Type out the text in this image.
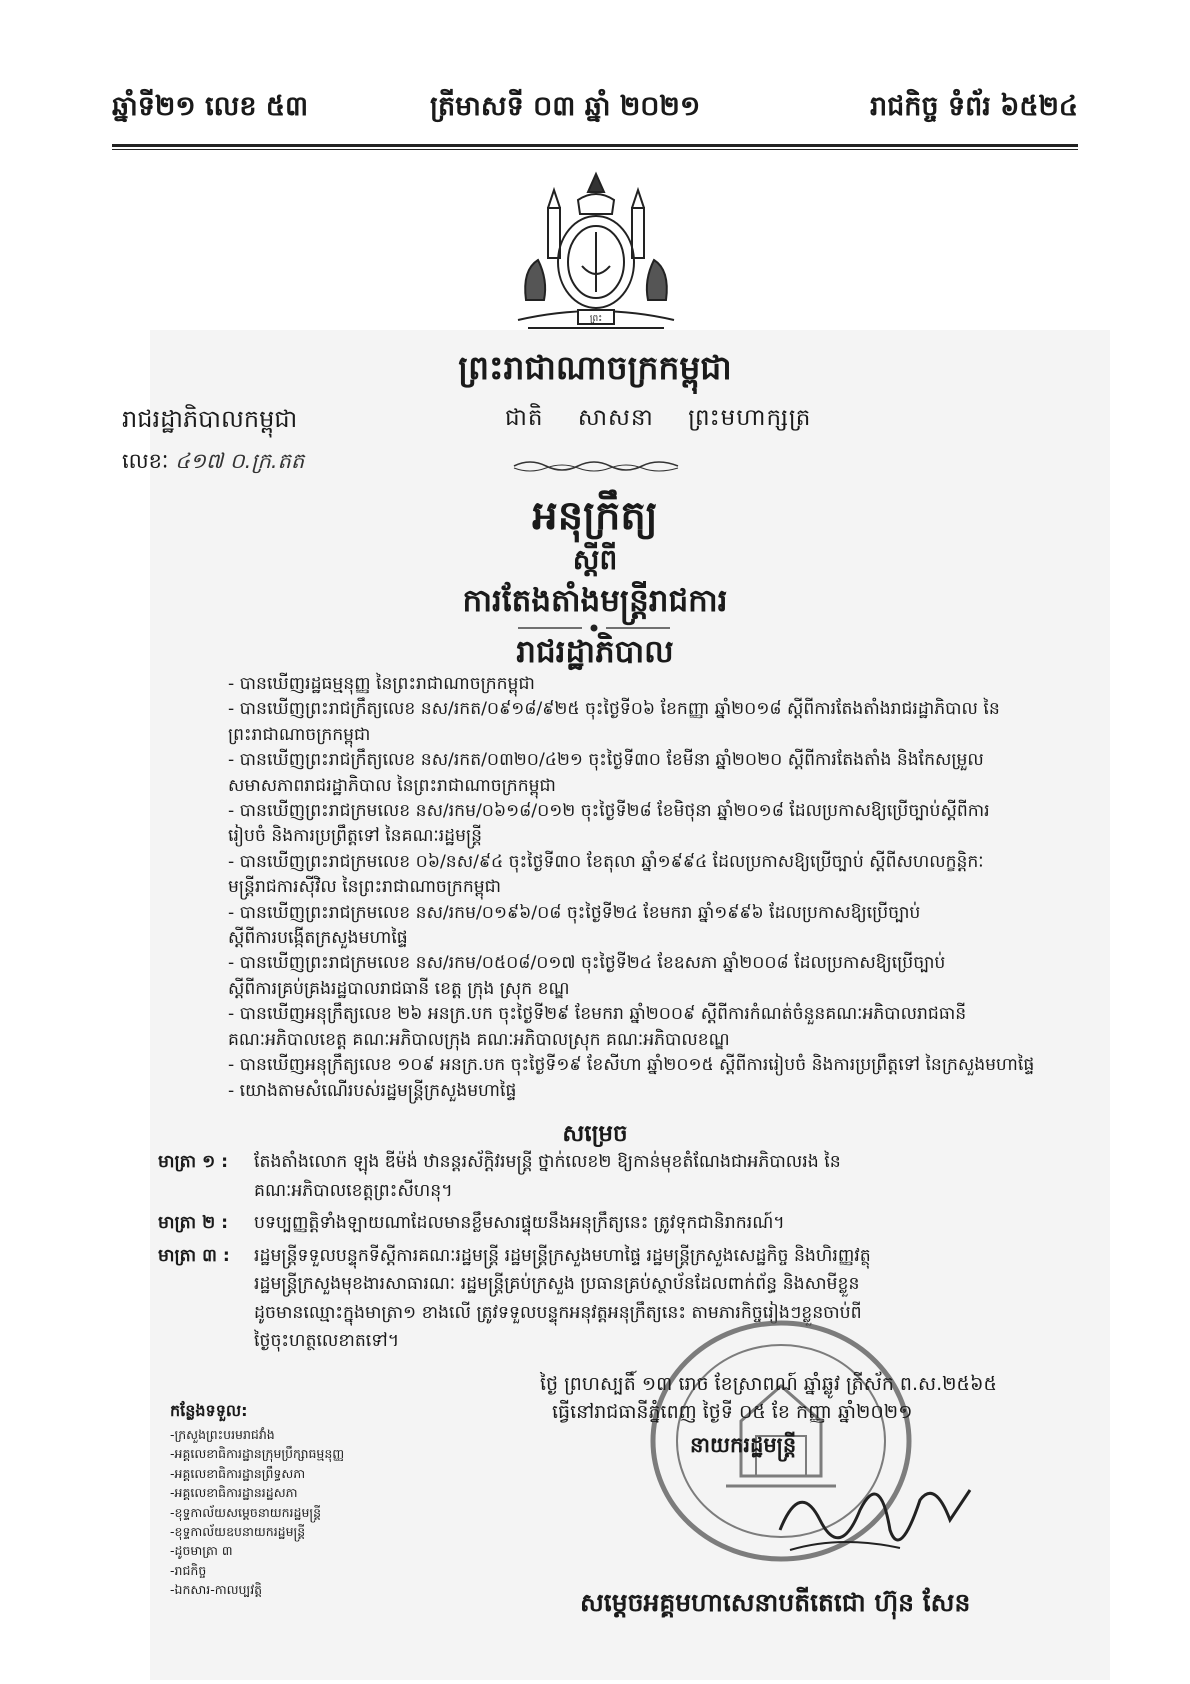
ឆ្នាំទី២១ លេខ ៥៣	ត្រីមាសទី ០៣ ឆ្នាំ ២០២១	រាជកិច្ច ទំព័រ ៦៥២៤
ព្រះ
ព្រះរាជាណាចក្រកម្ពុជា
រាជរដ្ឋាភិបាលកម្ពុជា	ជាតិ សាសនា ព្រះមហាក្សត្រ
លេខៈ ៤១៧ ០.ក្រ.តត
អនុក្រឹត្យ
ស្តីពី
ការតែងតាំងមន្ត្រីរាជការ
រាជរដ្ឋាភិបាល
- បានឃើញរដ្ឋធម្មនុញ្ញ នៃព្រះរាជាណាចក្រកម្ពុជា
- បានឃើញព្រះរាជក្រឹត្យលេខ នស/រកត/០៩១៨/៩២៥ ចុះថ្ងៃទី០៦ ខែកញ្ញា ឆ្នាំ២០១៨ ស្តីពីការតែងតាំងរាជរដ្ឋាភិបាល នៃ
ព្រះរាជាណាចក្រកម្ពុជា
- បានឃើញព្រះរាជក្រឹត្យលេខ នស/រកត/០៣២០/៤២១ ចុះថ្ងៃទី៣០ ខែមីនា ឆ្នាំ២០២០ ស្តីពីការតែងតាំង និងកែសម្រួល
សមាសភាពរាជរដ្ឋាភិបាល នៃព្រះរាជាណាចក្រកម្ពុជា
- បានឃើញព្រះរាជក្រមលេខ នស/រកម/០៦១៨/០១២ ចុះថ្ងៃទី២៨ ខែមិថុនា ឆ្នាំ២០១៨ ដែលប្រកាសឱ្យប្រើច្បាប់ស្តីពីការ
រៀបចំ និងការប្រព្រឹត្តទៅ នៃគណៈរដ្ឋមន្ត្រី
- បានឃើញព្រះរាជក្រមលេខ ០៦/នស/៩៤ ចុះថ្ងៃទី៣០ ខែតុលា ឆ្នាំ១៩៩៤ ដែលប្រកាសឱ្យប្រើច្បាប់ ស្តីពីសហលក្ខន្តិកៈ
មន្ត្រីរាជការស៊ីវិល នៃព្រះរាជាណាចក្រកម្ពុជា
- បានឃើញព្រះរាជក្រមលេខ នស/រកម/០១៩៦/០៨ ចុះថ្ងៃទី២៤ ខែមករា ឆ្នាំ១៩៩៦ ដែលប្រកាសឱ្យប្រើច្បាប់
ស្តីពីការបង្កើតក្រសួងមហាផ្ទៃ
- បានឃើញព្រះរាជក្រមលេខ នស/រកម/០៥០៨/០១៧ ចុះថ្ងៃទី២៤ ខែឧសភា ឆ្នាំ២០០៨ ដែលប្រកាសឱ្យប្រើច្បាប់
ស្តីពីការគ្រប់គ្រងរដ្ឋបាលរាជធានី ខេត្ត ក្រុង ស្រុក ខណ្ឌ
- បានឃើញអនុក្រឹត្យលេខ ២៦ អនក្រ.បក ចុះថ្ងៃទី២៩ ខែមករា ឆ្នាំ២០០៩ ស្តីពីការកំណត់ចំនួនគណៈអភិបាលរាជធានី
គណៈអភិបាលខេត្ត គណៈអភិបាលក្រុង គណៈអភិបាលស្រុក គណៈអភិបាលខណ្ឌ
- បានឃើញអនុក្រឹត្យលេខ ១០៩ អនក្រ.បក ចុះថ្ងៃទី១៩ ខែសីហា ឆ្នាំ២០១៥ ស្តីពីការរៀបចំ និងការប្រព្រឹត្តទៅ នៃក្រសួងមហាផ្ទៃ
- យោងតាមសំណើរបស់រដ្ឋមន្ត្រីក្រសួងមហាផ្ទៃ
សម្រេច
មាត្រា ១ :	តែងតាំងលោក ឡុង ឌីម៉ង់ ឋានន្តរស័ក្តិវរមន្ត្រី ថ្នាក់លេខ២ ឱ្យកាន់មុខតំណែងជាអភិបាលរង នៃ
គណៈអភិបាលខេត្តព្រះសីហនុ។
មាត្រា ២ :	បទប្បញ្ញត្តិទាំងឡាយណាដែលមានខ្លឹមសារផ្ទុយនឹងអនុក្រឹត្យនេះ ត្រូវទុកជានិរាករណ៍។
មាត្រា ៣ :	រដ្ឋមន្ត្រីទទួលបន្ទុកទីស្តីការគណៈរដ្ឋមន្ត្រី រដ្ឋមន្ត្រីក្រសួងមហាផ្ទៃ រដ្ឋមន្ត្រីក្រសួងសេដ្ឋកិច្ច និងហិរញ្ញវត្ថុ
រដ្ឋមន្ត្រីក្រសួងមុខងារសាធារណៈ រដ្ឋមន្ត្រីគ្រប់ក្រសួង ប្រធានគ្រប់ស្ថាប័នដែលពាក់ព័ន្ធ និងសាមីខ្លួន
ដូចមានឈ្មោះក្នុងមាត្រា១ ខាងលើ ត្រូវទទួលបន្ទុកអនុវត្តអនុក្រឹត្យនេះ តាមភារកិច្ចរៀងៗខ្លួនចាប់ពី
ថ្ងៃចុះហត្ថលេខាតទៅ។
ថ្ងៃ ព្រហស្បតិ៍ ១៣ រោច ខែស្រាពណ៍ ឆ្នាំឆ្លូវ ត្រីស័ក ព.ស.២៥៦៥
ធ្វើនៅរាជធានីភ្នំពេញ ថ្ងៃទី ០៥ ខែ កញ្ញា ឆ្នាំ២០២១
នាយករដ្ឋមន្ត្រី
សម្តេចអគ្គមហាសេនាបតីតេជោ ហ៊ុន សែន
កន្លែងទទួល:
-ក្រសួងព្រះបរមរាជវាំង
-អគ្គលេខាធិការដ្ឋានក្រុមប្រឹក្សាធម្មនុញ្ញ
-អគ្គលេខាធិការដ្ឋានព្រឹទ្ធសភា
-អគ្គលេខាធិការដ្ឋានរដ្ឋសភា
-ខុទ្ទកាល័យសម្តេចនាយករដ្ឋមន្ត្រី
-ខុទ្ទកាល័យឧបនាយករដ្ឋមន្ត្រី
-ដូចមាត្រា ៣
-រាជកិច្ច
-ឯកសារ-កាលប្បវត្តិ
